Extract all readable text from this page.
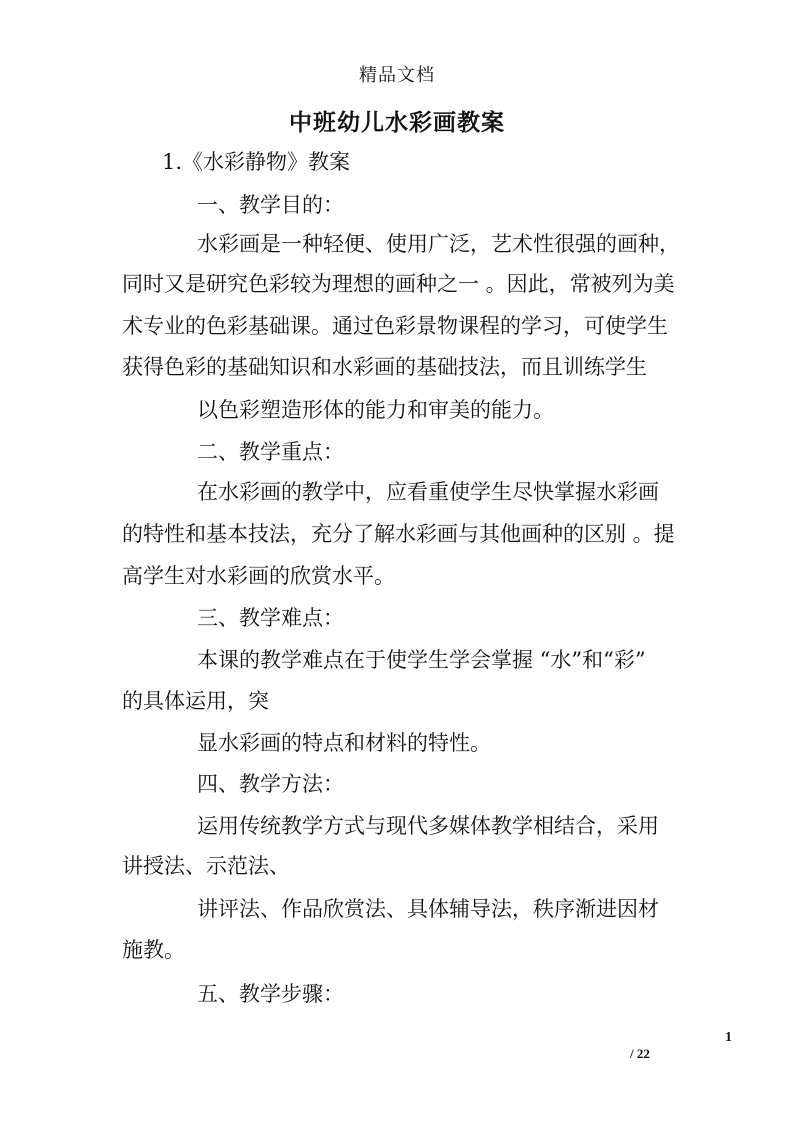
精品文档
中班幼儿水彩画教案
1.《水彩静物》教案
一、教学目的：
水彩画是一种轻便、使用广泛，艺术性很强的画种，
同时又是研究色彩较为理想的画种之一 。因此，常被列为美
术专业的色彩基础课。通过色彩景物课程的学习，可使学生
获得色彩的基础知识和水彩画的基础技法，而且训练学生
以色彩塑造形体的能力和审美的能力。
二、教学重点：
在水彩画的教学中，应看重使学生尽快掌握水彩画
的特性和基本技法，充分了解水彩画与其他画种的区别 。提
高学生对水彩画的欣赏水平。
三、教学难点：
本课的教学难点在于使学生学会掌握 “水”和“彩”
的具体运用，突
显水彩画的特点和材料的特性。
四、教学方法：
运用传统教学方式与现代多媒体教学相结合，采用
讲授法、示范法、
讲评法、作品欣赏法、具体辅导法，秩序渐进因材
施教。
五、教学步骤：
1
/ 22
